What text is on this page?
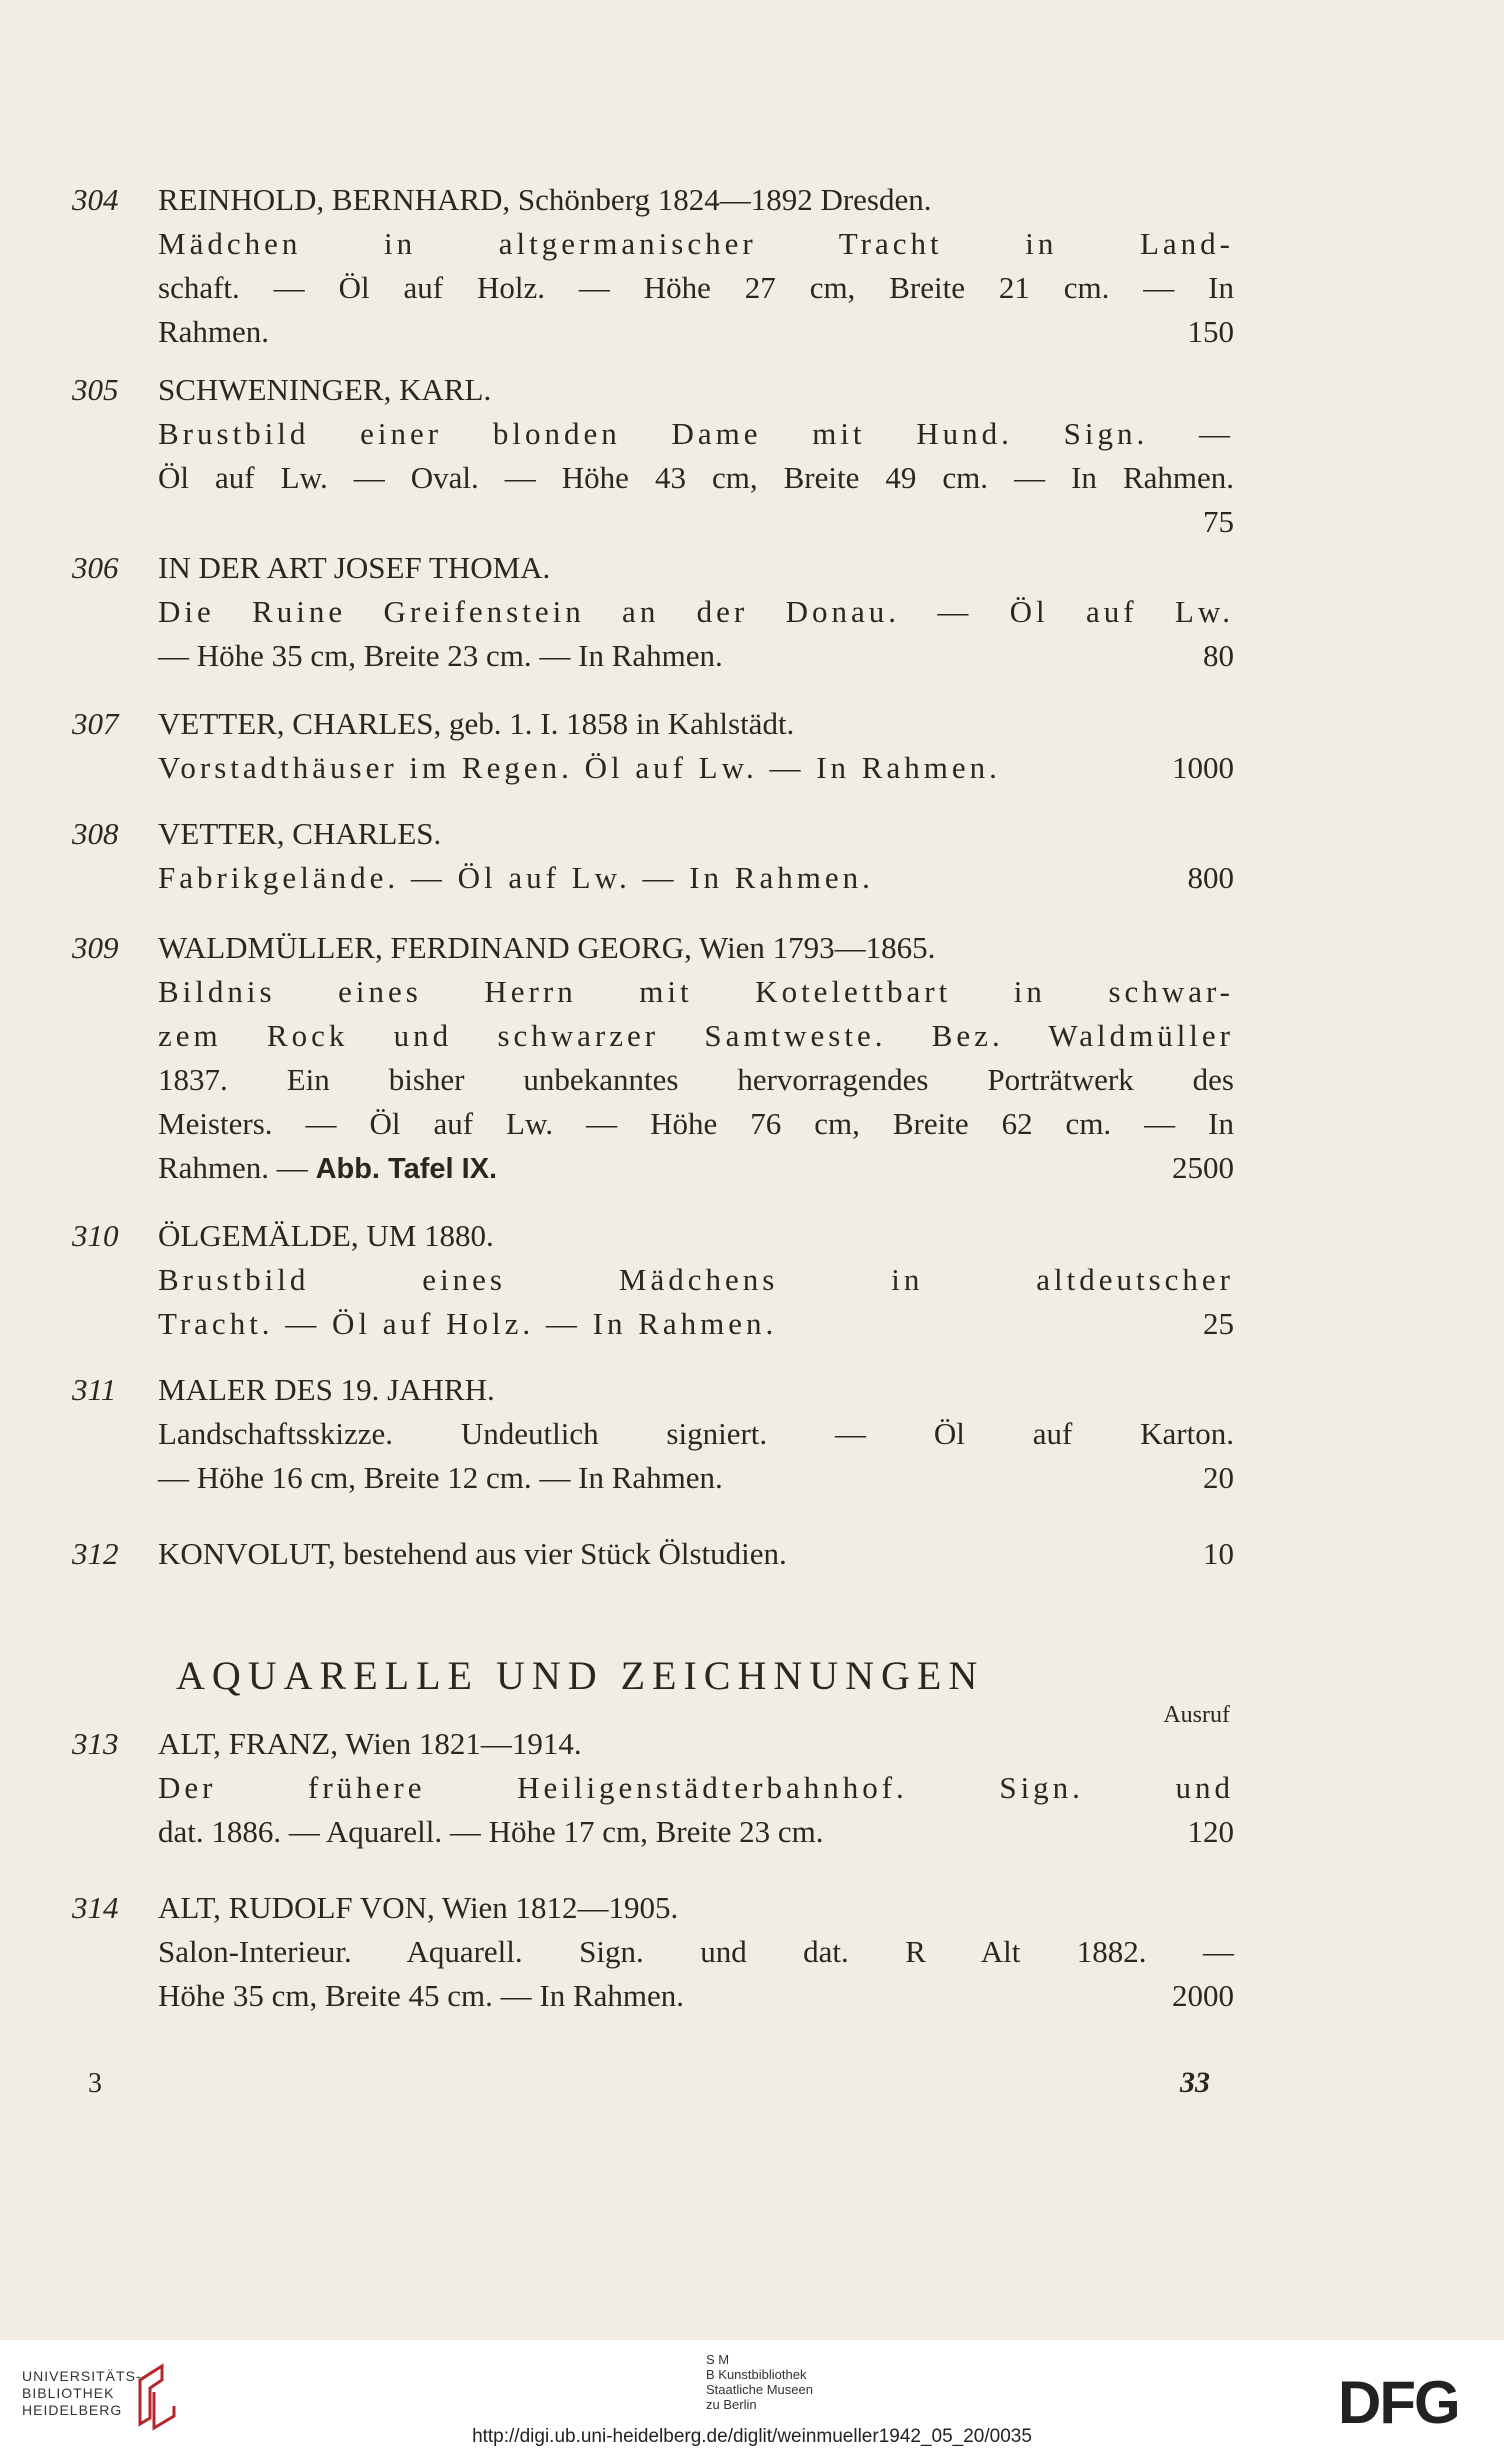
304	REINHOLD, BERNHARD, Schönberg 1824—1892 Dresden.
Mädchen in altgermanischer Tracht in Land-
schaft. — Öl auf Holz. — Höhe 27 cm, Breite 21 cm. — In
Rahmen.	150
305	SCHWENINGER, KARL.
Brustbild einer blonden Dame mit Hund. Sign. —
Öl auf Lw. — Oval. — Höhe 43 cm, Breite 49 cm. — In Rahmen.
75
306	IN DER ART JOSEF THOMA.
Die Ruine Greifenstein an der Donau. — Öl auf Lw.
— Höhe 35 cm, Breite 23 cm. — In Rahmen.	80
307	VETTER, CHARLES, geb. 1. I. 1858 in Kahlstädt.
Vorstadthäuser im Regen. Öl auf Lw. — In Rahmen.	1000
308	VETTER, CHARLES.
Fabrikgelände. — Öl auf Lw. — In Rahmen.	800
309	WALDMÜLLER, FERDINAND GEORG, Wien 1793—1865.
Bildnis eines Herrn mit Kotelettbart in schwar-
zem Rock und schwarzer Samtweste. Bez. Waldmüller
1837. Ein bisher unbekanntes hervorragendes Porträtwerk des
Meisters. — Öl auf Lw. — Höhe 76 cm, Breite 62 cm. — In
Rahmen. — Abb. Tafel IX.	2500
310	ÖLGEMÄLDE, UM 1880.
Brustbild eines Mädchens in altdeutscher
Tracht. — Öl auf Holz. — In Rahmen.	25
311	MALER DES 19. JAHRH.
Landschaftsskizze. Undeutlich signiert. — Öl auf Karton.
— Höhe 16 cm, Breite 12 cm. — In Rahmen.	20
312	KONVOLUT, bestehend aus vier Stück Ölstudien.	10
AQUARELLE UND ZEICHNUNGEN
Ausruf
313	ALT, FRANZ, Wien 1821—1914.
Der frühere Heiligenstädterbahnhof. Sign. und
dat. 1886. — Aquarell. — Höhe 17 cm, Breite 23 cm.	120
314	ALT, RUDOLF VON, Wien 1812—1905.
Salon-Interieur. Aquarell. Sign. und dat. R Alt 1882. —
Höhe 35 cm, Breite 45 cm. — In Rahmen.	2000
3	33
UNIVERSITÄTS-
BIBLIOTHEK
HEIDELBERG
S M
B Kunstbibliothek
Staatliche Museen
zu Berlin	DFG
http://digi.ub.uni-heidelberg.de/diglit/weinmueller1942_05_20/0035
